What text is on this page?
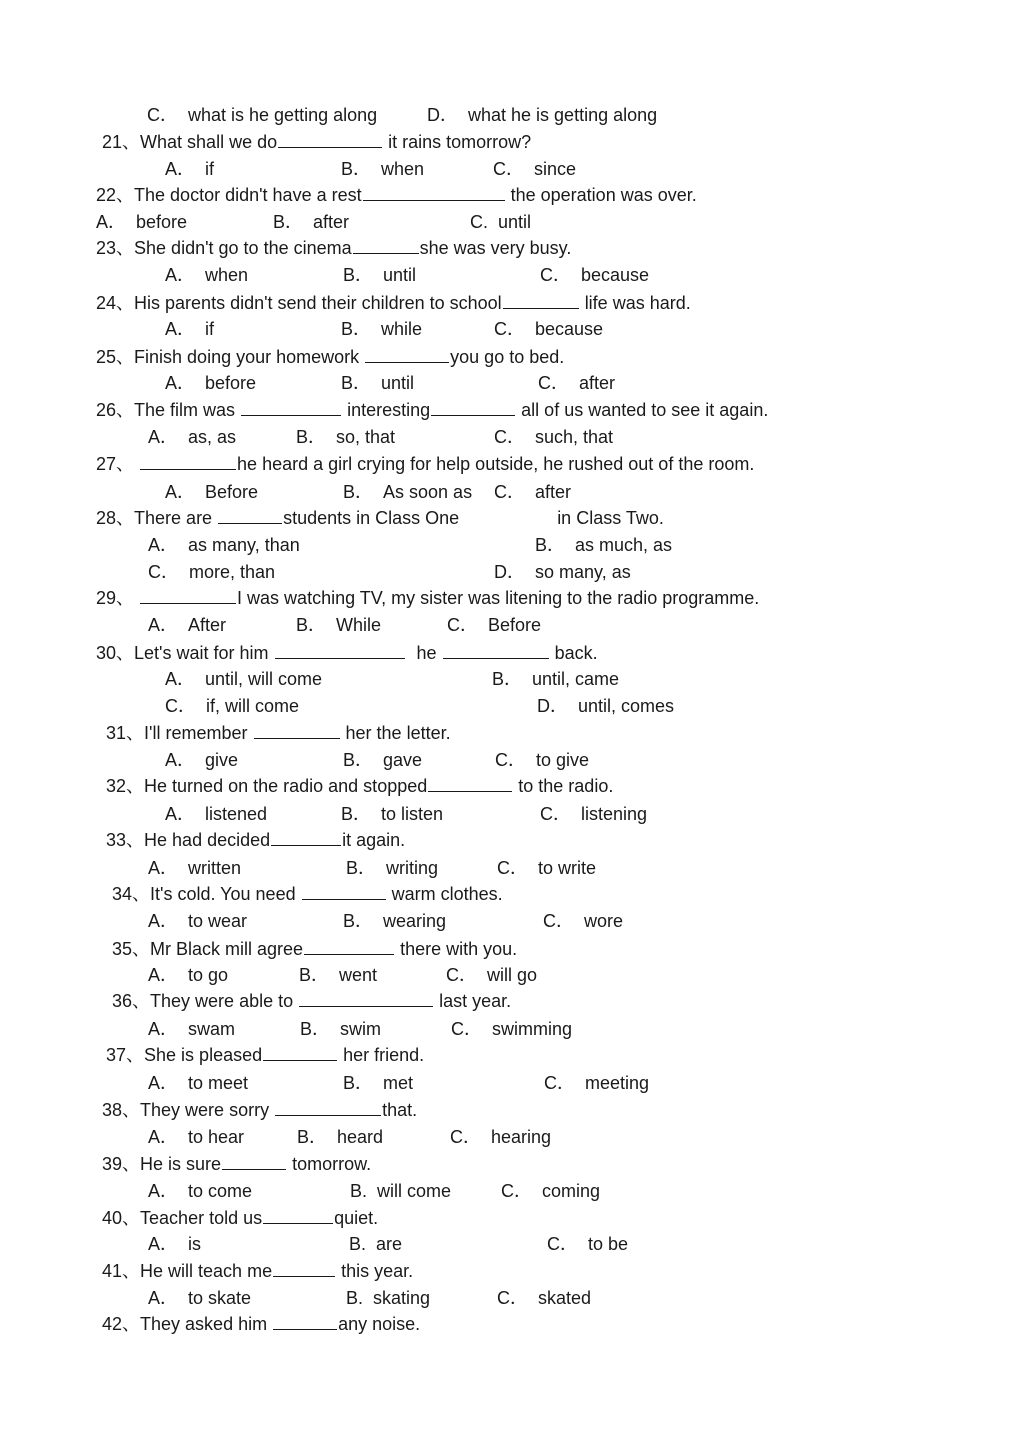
C． what is he getting along	D． what he is getting along
21、What shall we do	it rains tomorrow?
A． if	B． when	C． since
22、The doctor didn't have a rest	the operation was over.
A． before	B． after	C. until
23、She didn't go to the cinema	she was very busy.
A． when	B． until	C． because
24、His parents didn't send their children to school	life was hard.
A． if	B． while	C． because
25、Finish doing your homework	you go to bed.
A． before	B． until	C． after
26、The film was	interesting	all of us wanted to see it again.
A． as, as	B． so, that	C． such, that
27、	he heard a girl crying for help outside, he rushed out of the room.
A． Before	B． As soon as C． after
28、There are	students in Class One	in Class Two.
A． as many, than	B． as much, as
C． more, than	D． so many, as
29、	I was watching TV, my sister was litening to the radio programme.
A． After	B． While	C． Before
30、Let's wait for him	he	back.
A． until, will come	B． until, came
C． if, will come	D． until, comes
31、I'll remember	her the letter.
A． give	B． gave	C． to give
32、He turned on the radio and stopped	to the radio.
A． listened	B． to listen	C． listening
33、He had decided	it again.
A． written	B． writing	C． to write
34、It's cold. You need	warm clothes.
A． to wear	B． wearing	C． wore
35、Mr Black mill agree	there with you.
A． to go	B． went	C． will go
36、They were able to	last year.
A． swam	B． swim	C． swimming
37、She is pleased	her friend.
A． to meet	B． met	C． meeting
38、They were sorry	that.
A． to hear	B． heard	C． hearing
39、He is sure	tomorrow.
A． to come	B. will come	C． coming
40、Teacher told us	quiet.
A． is	B. are	C． to be
41、He will teach me	this year.
A． to skate	B. skating	C． skated
42、They asked him	any noise.
